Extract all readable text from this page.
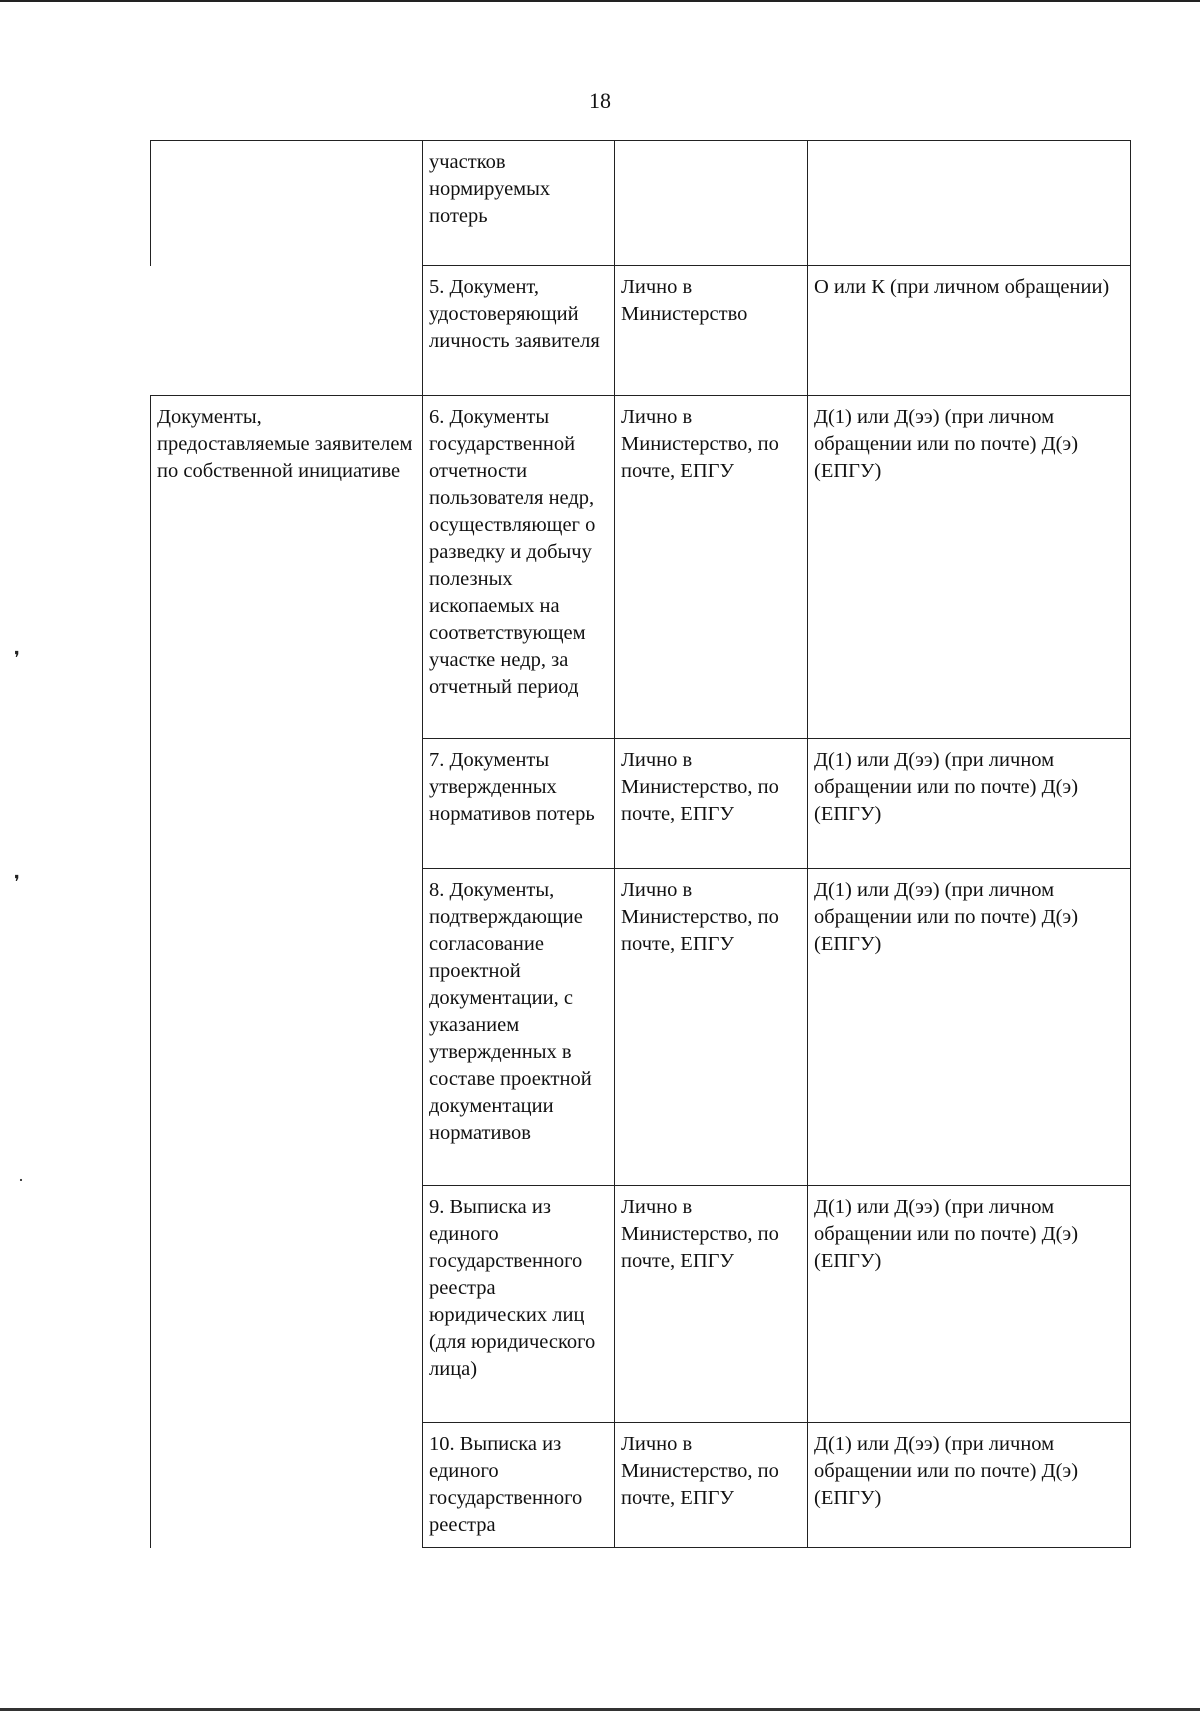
18
	участков нормируемых потерь		
	5. Документ, удостоверяющий личность заявителя	Лично в Министерство	О или К (при личном обращении)
Документы, предоставляемые заявителем по собственной инициативе	6. Документы государственной отчетности пользователя недр, осуществляющег о разведку и добычу полезных ископаемых на соответствующем участке недр, за отчетный период	Лично в Министерство, по почте, ЕПГУ	Д(1) или Д(ээ) (при личном обращении или по почте) Д(э) (ЕПГУ)
	7. Документы утвержденных нормативов потерь	Лично в Министерство, по почте, ЕПГУ	Д(1) или Д(ээ) (при личном обращении или по почте) Д(э) (ЕПГУ)
	8. Документы, подтверждающие согласование проектной документации, с указанием утвержденных в составе проектной документации нормативов	Лично в Министерство, по почте, ЕПГУ	Д(1) или Д(ээ) (при личном обращении или по почте) Д(э) (ЕПГУ)
	9. Выписка из единого государственного реестра юридических лиц (для юридического лица)	Лично в Министерство, по почте, ЕПГУ	Д(1) или Д(ээ) (при личном обращении или по почте) Д(э) (ЕПГУ)
	10. Выписка из единого государственного реестра	Лично в Министерство, по почте, ЕПГУ	Д(1) или Д(ээ) (при личном обращении или по почте) Д(э) (ЕПГУ)
❜
❜
·
